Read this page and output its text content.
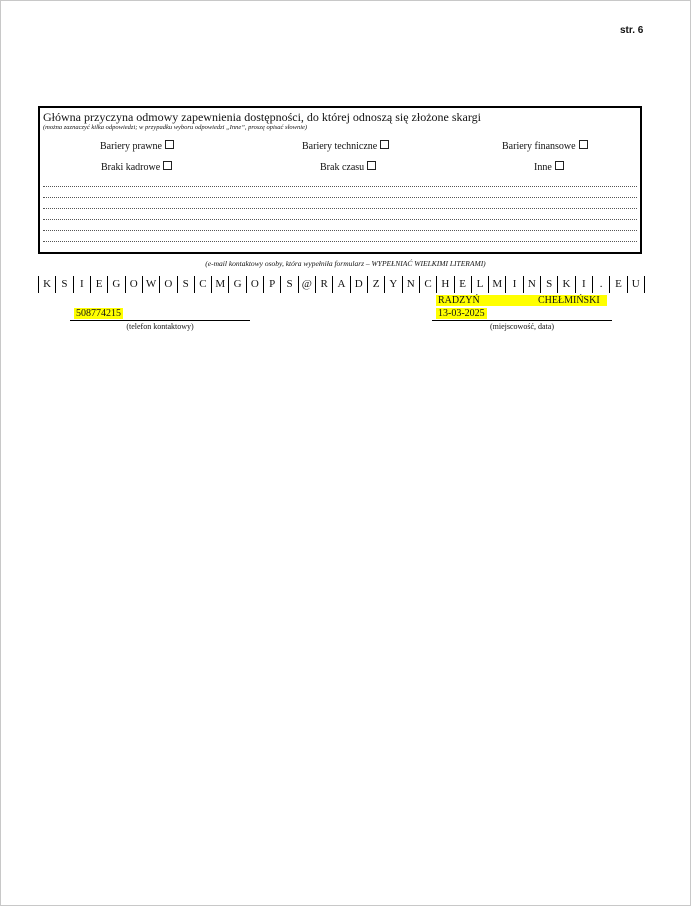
str. 6
Główna przyczyna odmowy zapewnienia dostępności, do której odnoszą się złożone skargi
(można zaznaczyć kilka odpowiedzi; w przypadku wyboru odpowiedzi „Inne”, proszę opisać słownie)
Bariery prawne	Bariery techniczne	Bariery finansowe
Braki kadrowe	Brak czasu	Inne
(e-mail kontaktowy osoby, która wypełniła formularz – WYPEŁNIAĆ WIELKIMI LITERAMI)
K S	I	E G O W O S C M G O P	S @ R A D Z Y N C H E L M I	N S K	I	.	E U
508774215
(telefon kontaktowy)
RADZYŃ	CHEŁMIŃSKI
13-03-2025
(miejscowość, data)
